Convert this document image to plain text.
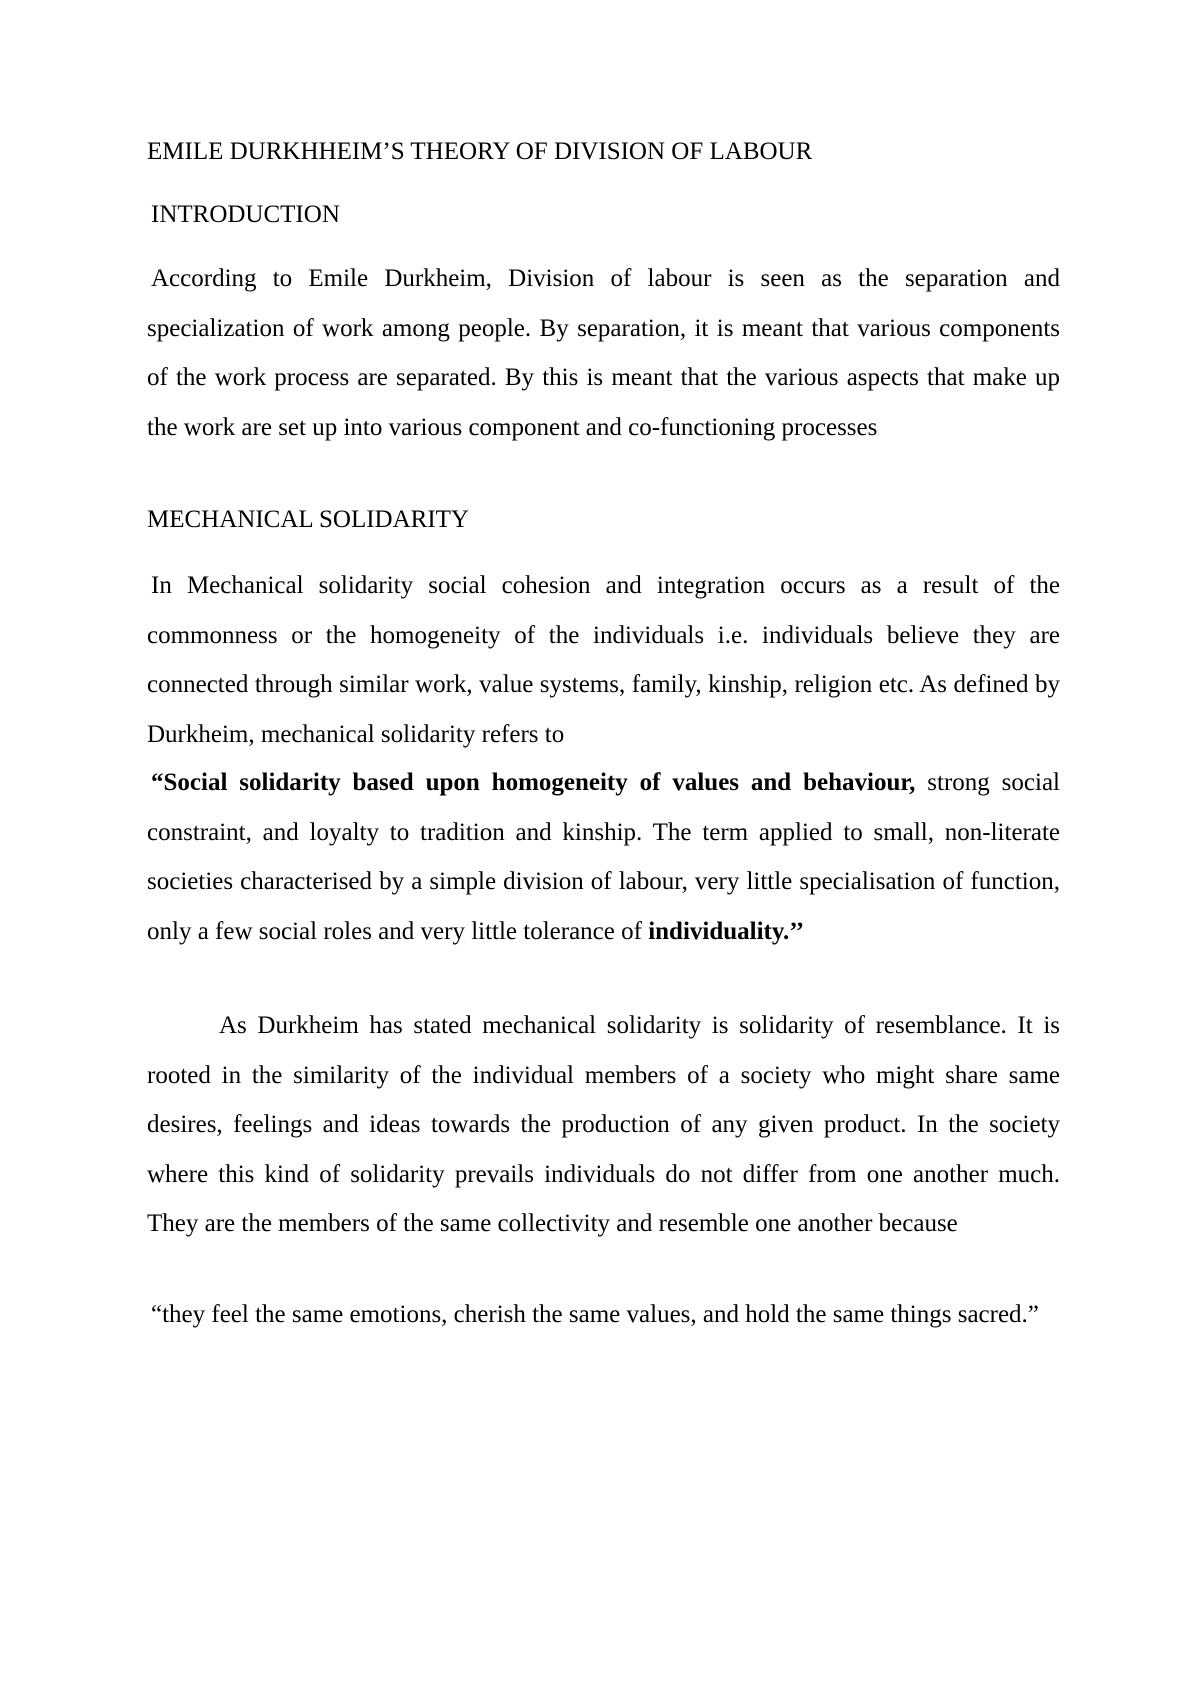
EMILE DURKHHEIM’S THEORY OF DIVISION OF LABOUR
INTRODUCTION
According to Emile Durkheim, Division of labour is seen as the separation and specialization of work among people. By separation, it is meant that various components of the work process are separated. By this is meant that the various aspects that make up the work are set up into various component and co-functioning processes
MECHANICAL SOLIDARITY
In Mechanical solidarity social cohesion and integration occurs as a result of the commonness or the homogeneity of the individuals i.e. individuals believe they are connected through similar work, value systems, family, kinship, religion etc. As defined by Durkheim, mechanical solidarity refers to
“Social solidarity based upon homogeneity of values and behaviour, strong social constraint, and loyalty to tradition and kinship. The term applied to small, non-literate societies characterised by a simple division of labour, very little specialisation of function, only a few social roles and very little tolerance of individuality.’’
As Durkheim has stated mechanical solidarity is solidarity of resemblance. It is rooted in the similarity of the individual members of a society who might share same desires, feelings and ideas towards the production of any given product. In the society where this kind of solidarity prevails individuals do not differ from one another much. They are the members of the same collectivity and resemble one another because
“they feel the same emotions, cherish the same values, and hold the same things sacred.”
